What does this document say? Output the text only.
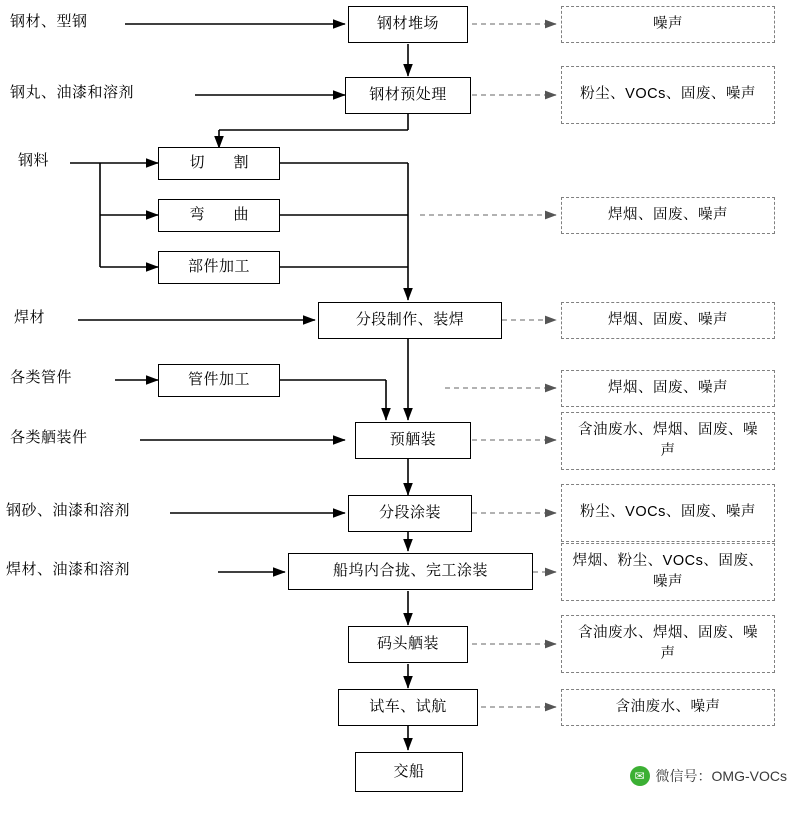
钢材、型钢
钢丸、油漆和溶剂
钢料
焊材
各类管件
各类舾装件
钢砂、油漆和溶剂
焊材、油漆和溶剂
钢材堆场
钢材预处理
切　割
弯　曲
部件加工
分段制作、装焊
管件加工
预舾装
分段涂装
船坞内合拢、完工涂装
码头舾装
试车、试航
交船
噪声
粉尘、VOCs、固废、噪声
焊烟、固废、噪声
焊烟、固废、噪声
焊烟、固废、噪声
含油废水、焊烟、固废、噪声
粉尘、VOCs、固废、噪声
焊烟、粉尘、VOCs、固废、噪声
含油废水、焊烟、固废、噪声
含油废水、噪声
✉ 微信号：OMG-VOCs
